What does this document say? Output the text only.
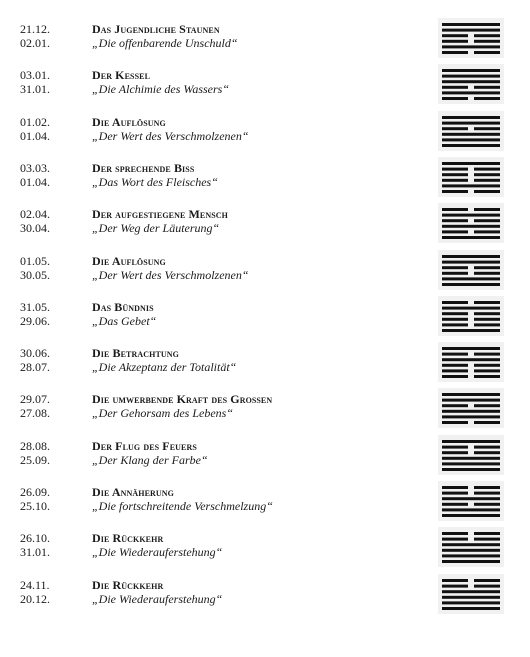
21.12.
02.01.
Das Jugendliche Staunen
„Die offenbarende Unschuld“
03.01.
31.01.
Der Kessel
„Die Alchimie des Wassers“
01.02.
01.04.
Die Auflösung
„Der Wert des Verschmolzenen“
03.03.
01.04.
Der sprechende Biss
„Das Wort des Fleisches“
02.04.
30.04.
Der aufgestiegene Mensch
„Der Weg der Läuterung“
01.05.
30.05.
Die Auflösung
„Der Wert des Verschmolzenen“
31.05.
29.06.
Das Bündnis
„Das Gebet“
30.06.
28.07.
Die Betrachtung
„Die Akzeptanz der Totalität“
29.07.
27.08.
Die umwerbende Kraft des Großen
„Der Gehorsam des Lebens“
28.08.
25.09.
Der Flug des Feuers
„Der Klang der Farbe“
26.09.
25.10.
Die Annäherung
„Die fortschreitende Verschmelzung“
26.10.
31.01.
Die Rückkehr
„Die Wiederauferstehung“
24.11.
20.12.
Die Rückkehr
„Die Wiederauferstehung“
